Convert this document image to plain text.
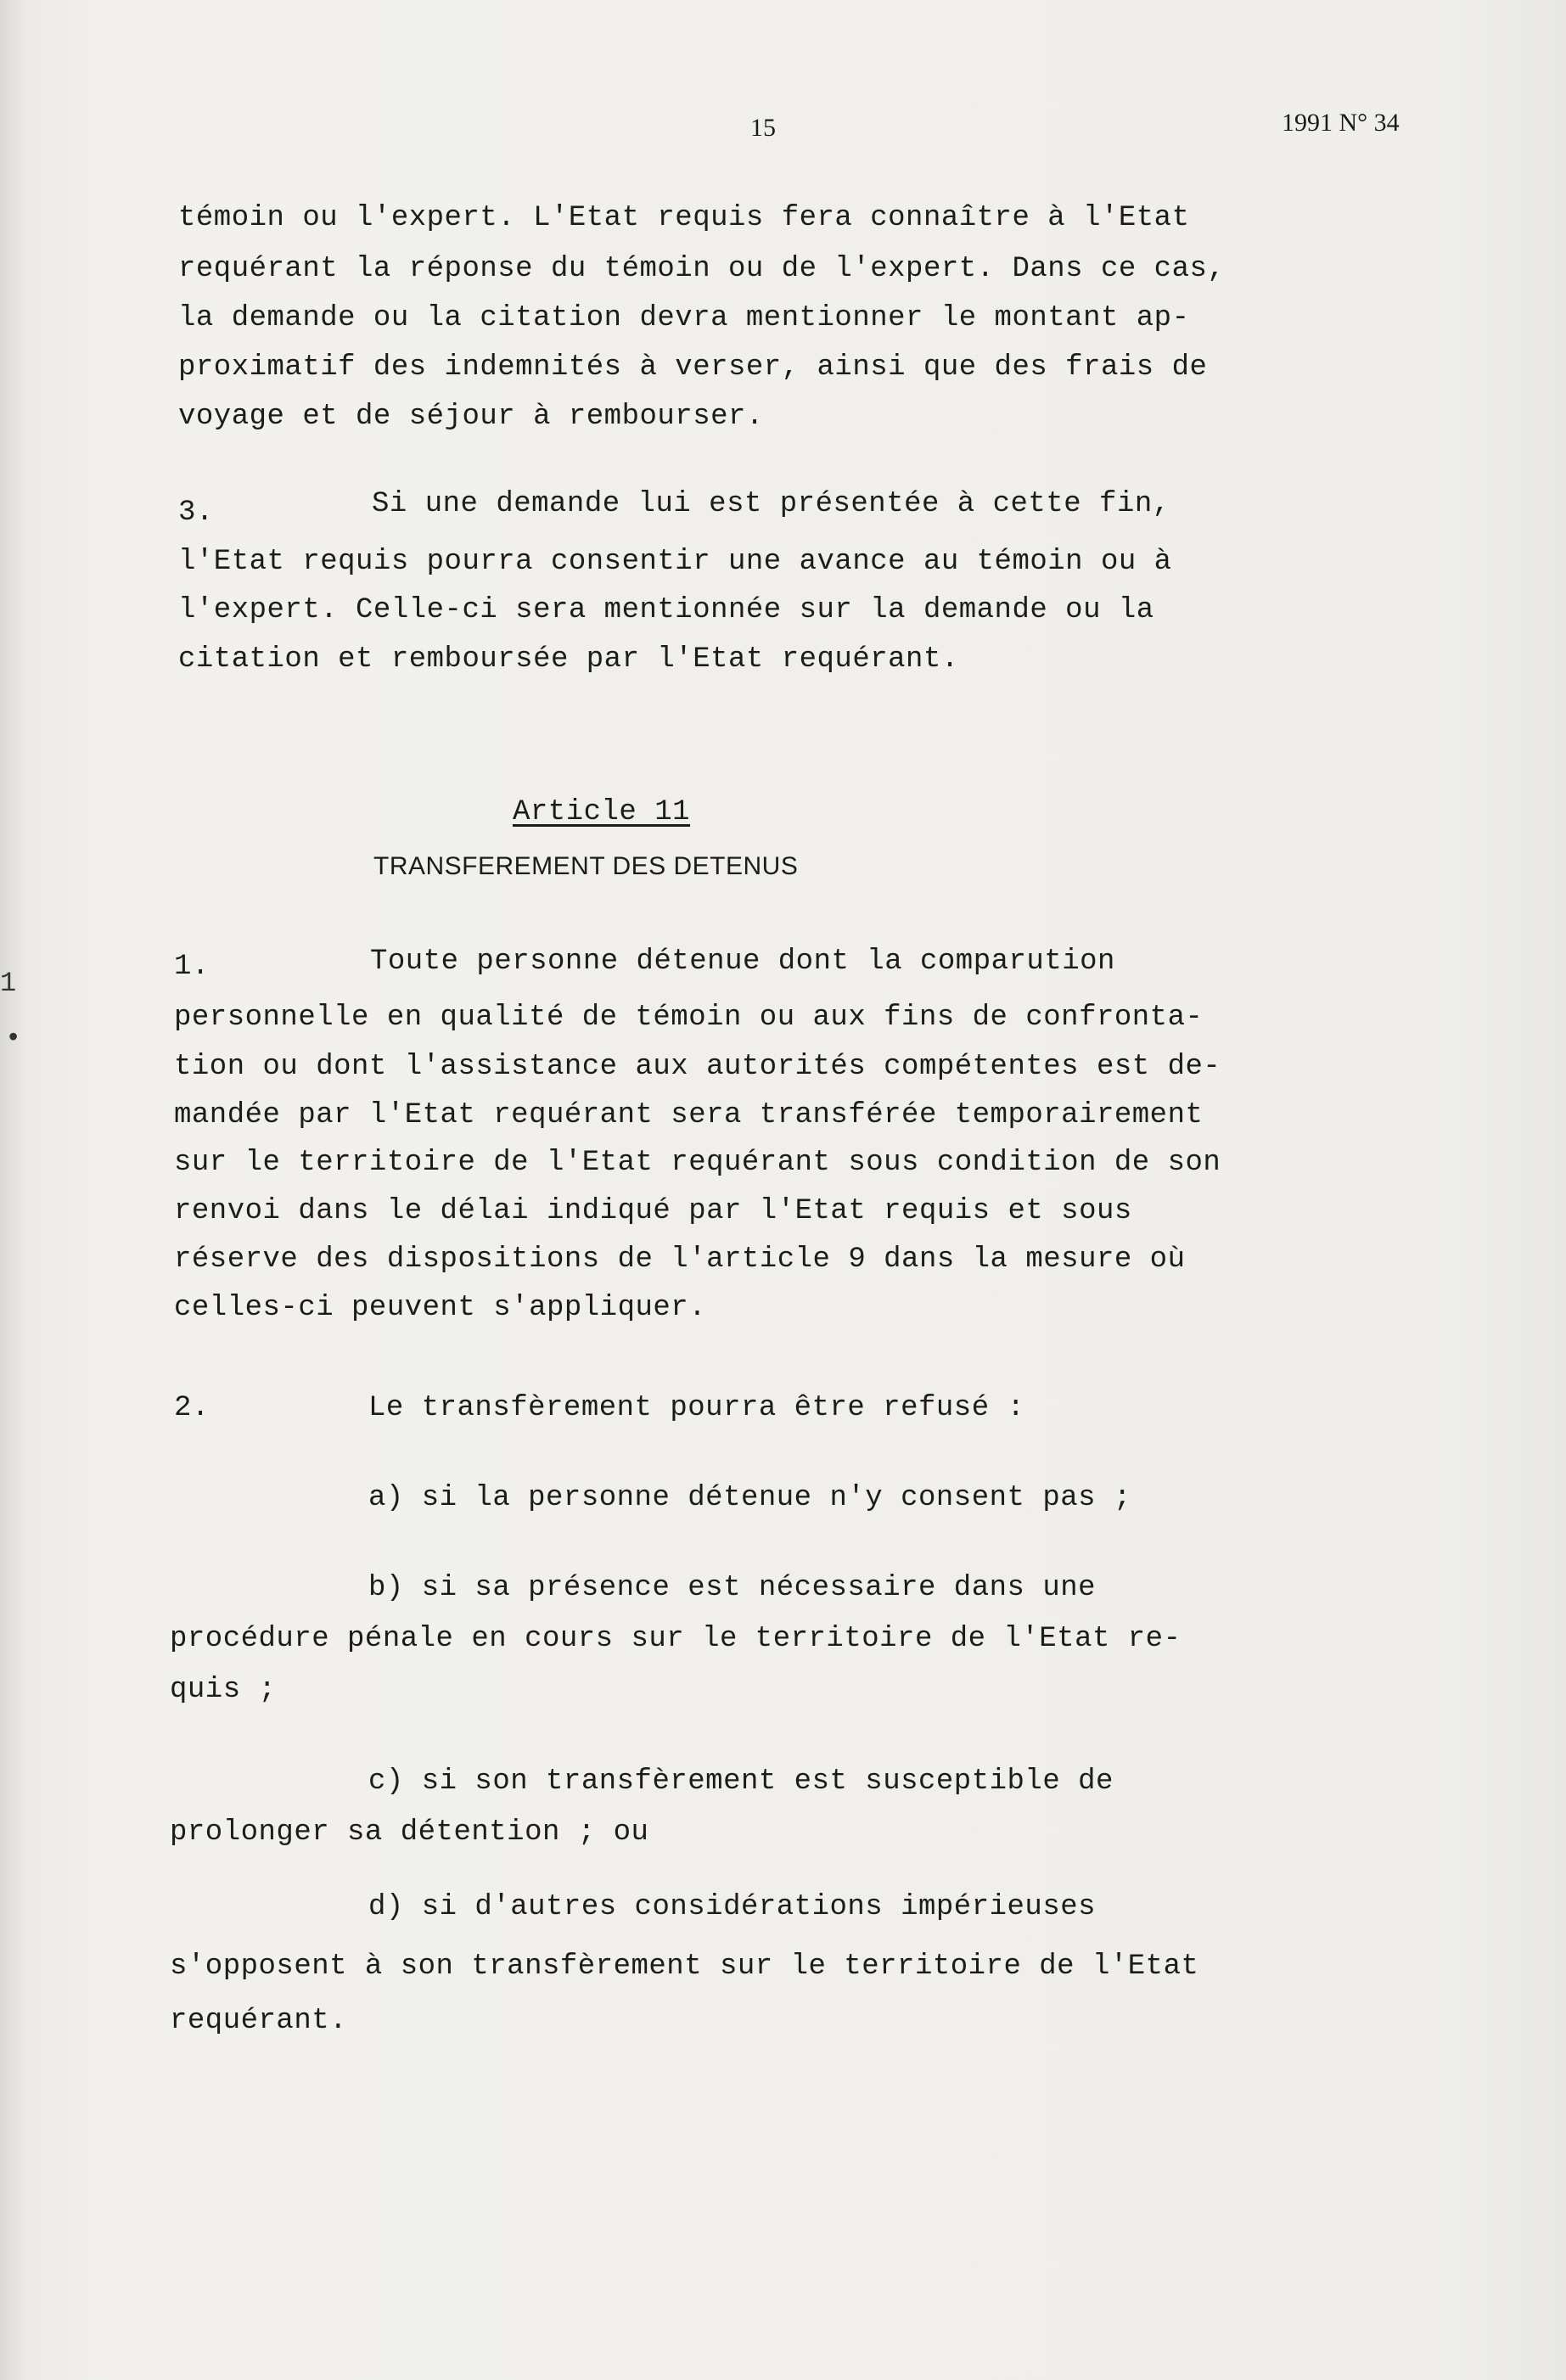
15	1991 N° 34
1
•
témoin ou l'expert. L'Etat requis fera connaître à l'Etat
requérant la réponse du témoin ou de l'expert. Dans ce cas,
la demande ou la citation devra mentionner le montant ap-
proximatif des indemnités à verser, ainsi que des frais de
voyage et de séjour à rembourser.
3.	Si une demande lui est présentée à cette fin,
l'Etat requis pourra consentir une avance au témoin ou à
l'expert. Celle-ci sera mentionnée sur la demande ou la
citation et remboursée par l'Etat requérant.
Article 11
TRANSFEREMENT DES DETENUS
1.	Toute personne détenue dont la comparution
personnelle en qualité de témoin ou aux fins de confronta-
tion ou dont l'assistance aux autorités compétentes est de-
mandée par l'Etat requérant sera transférée temporairement
sur le territoire de l'Etat requérant sous condition de son
renvoi dans le délai indiqué par l'Etat requis et sous
réserve des dispositions de l'article 9 dans la mesure où
celles-ci peuvent s'appliquer.
2.	Le transfèrement pourra être refusé :
a) si la personne détenue n'y consent pas ;
b) si sa présence est nécessaire dans une
procédure pénale en cours sur le territoire de l'Etat re-
quis ;
c) si son transfèrement est susceptible de
prolonger sa détention ; ou
d) si d'autres considérations impérieuses
s'opposent à son transfèrement sur le territoire de l'Etat
requérant.
